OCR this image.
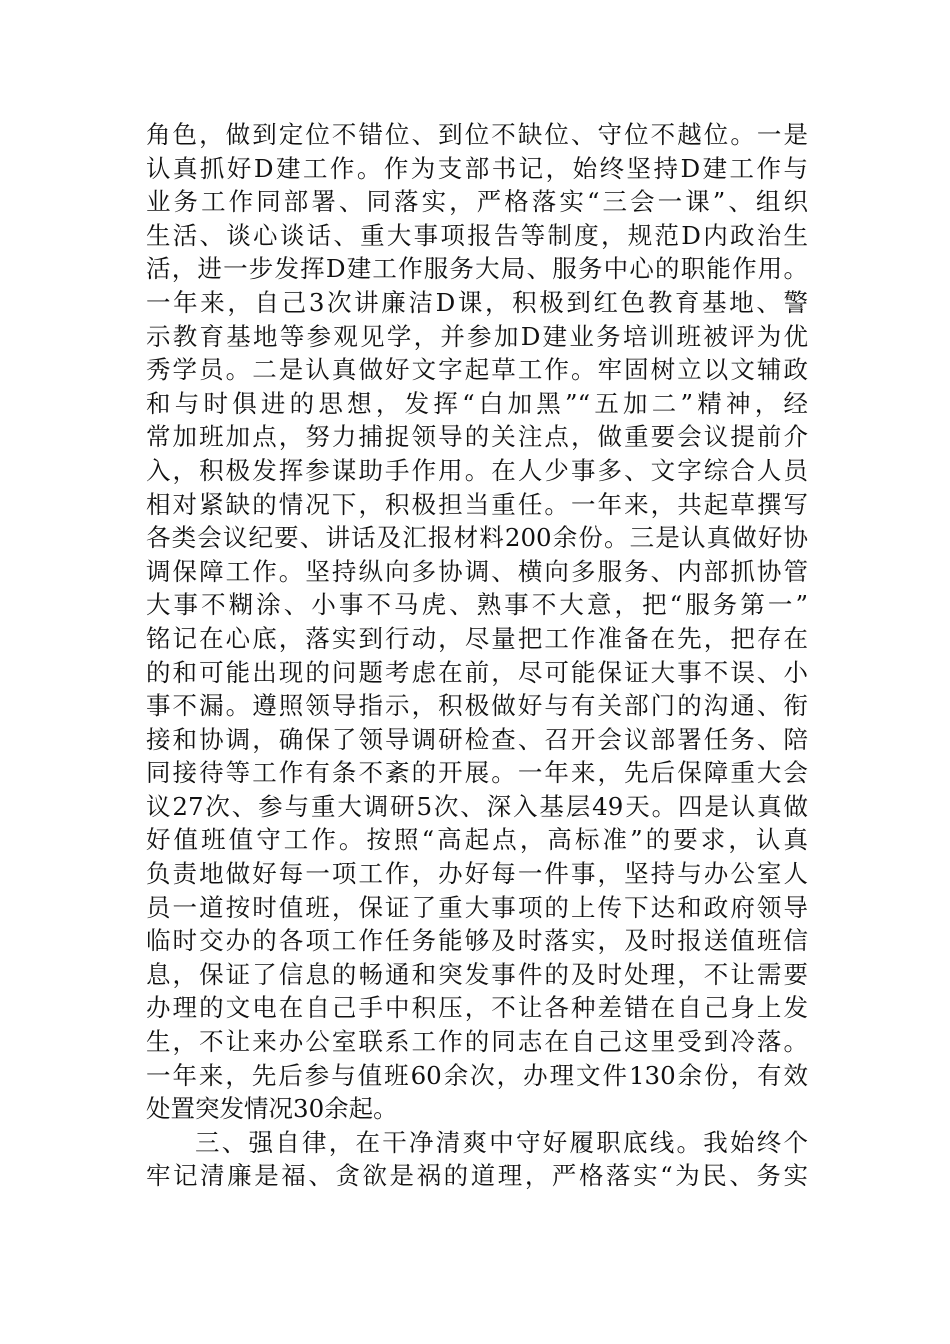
角色，做到定位不错位、到位不缺位、守位不越位。一是
认真抓好D建工作。作为支部书记，始终坚持D建工作与
业务工作同部署、同落实，严格落实“三会一课”、组织
生活、谈心谈话、重大事项报告等制度，规范D内政治生
活，进一步发挥D建工作服务大局、服务中心的职能作用。
一年来，自己3次讲廉洁D课，积极到红色教育基地、警
示教育基地等参观见学，并参加D建业务培训班被评为优
秀学员。二是认真做好文字起草工作。牢固树立以文辅政
和与时俱进的思想，发挥“白加黑”“五加二”精神，经
常加班加点，努力捕捉领导的关注点，做重要会议提前介
入，积极发挥参谋助手作用。在人少事多、文字综合人员
相对紧缺的情况下，积极担当重任。一年来，共起草撰写
各类会议纪要、讲话及汇报材料200余份。三是认真做好协
调保障工作。坚持纵向多协调、横向多服务、内部抓协管
大事不糊涂、小事不马虎、熟事不大意，把“服务第一”
铭记在心底，落实到行动，尽量把工作准备在先，把存在
的和可能出现的问题考虑在前，尽可能保证大事不误、小
事不漏。遵照领导指示，积极做好与有关部门的沟通、衔
接和协调，确保了领导调研检查、召开会议部署任务、陪
同接待等工作有条不紊的开展。一年来，先后保障重大会
议27次、参与重大调研5次、深入基层49天。四是认真做
好值班值守工作。按照“高起点，高标准”的要求，认真
负责地做好每一项工作，办好每一件事，坚持与办公室人
员一道按时值班，保证了重大事项的上传下达和政府领导
临时交办的各项工作任务能够及时落实，及时报送值班信
息，保证了信息的畅通和突发事件的及时处理，不让需要
办理的文电在自己手中积压，不让各种差错在自己身上发
生，不让来办公室联系工作的同志在自己这里受到冷落。
一年来，先后参与值班60余次，办理文件130余份，有效
处置突发情况30余起。
三、强自律，在干净清爽中守好履职底线。我始终个
牢记清廉是福、贪欲是祸的道理，严格落实“为民、务实
